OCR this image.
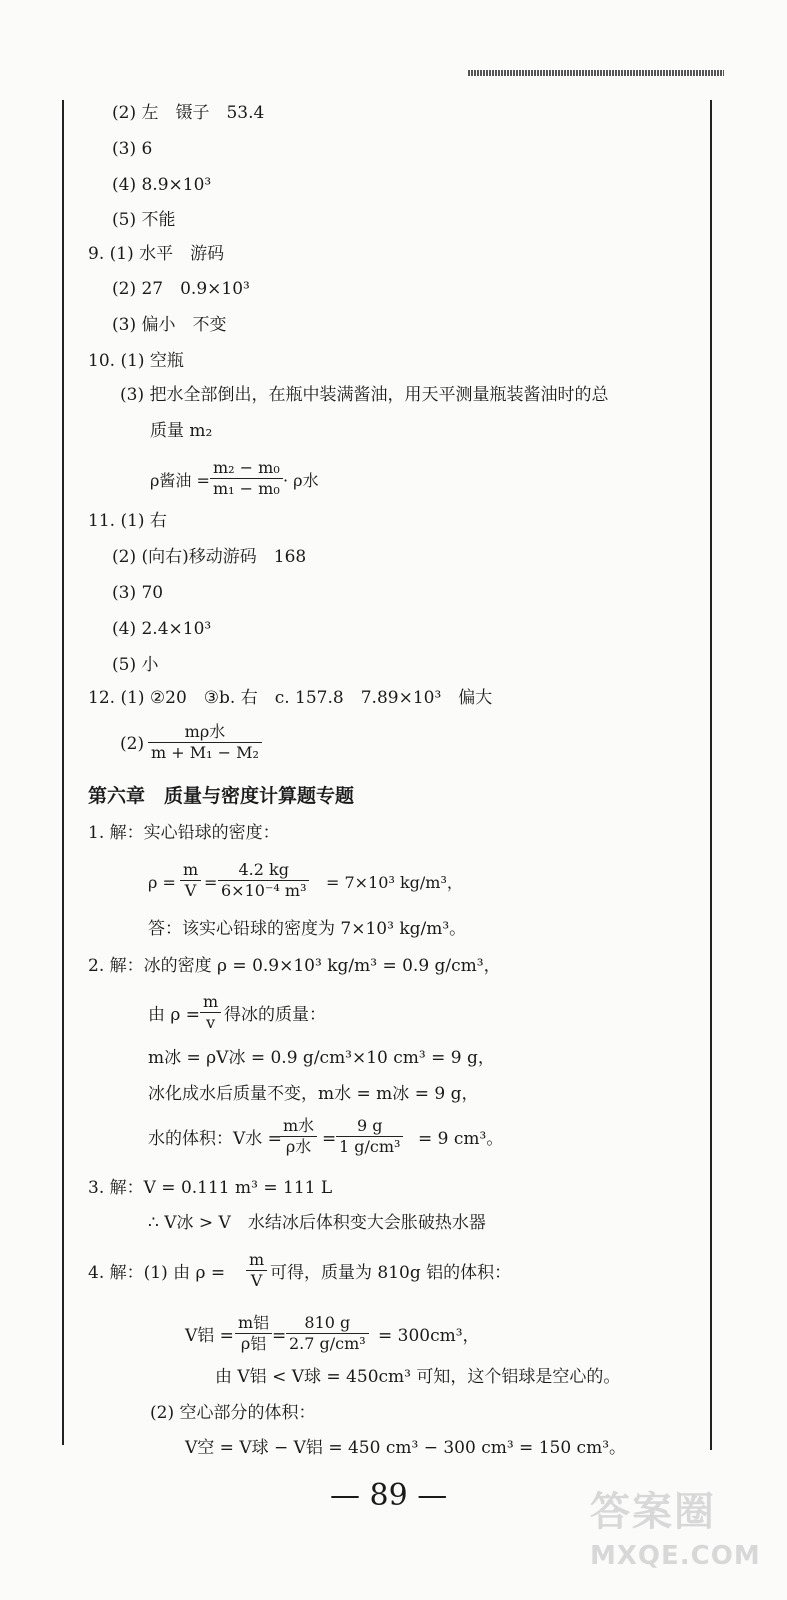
(2) 左　镊子　53.4
(3) 6
(4) 8.9×10³
(5) 不能
9. (1) 水平　游码
(2) 27　0.9×10³
(3) 偏小　不变
10. (1) 空瓶
(3) 把水全部倒出，在瓶中装满酱油，用天平测量瓶装酱油时的总
质量 m₂
ρ酱油 = $\frac{\text{m₂ − m₀}}{\text{m₁ − m₀}} \cdot \rho$水
11. (1) 右
(2) (向右)移动游码　168
(3) 70
(4) 2.4×10³
(5) 小
12. (1) ②20　③b. 右　c. 157.8　7.89×10³　偏大
(2)
mρ水
m + M₁ − M₂
第六章　质量与密度计算题专题
1. 解：实心铅球的密度：
$\rho = \frac{m}{V} = \frac{4.2 kg}{\text{6×10⁻⁴ m³}} = 7\times 10^3$ kg/m³，
答：该实心铅球的密度为 7×10³ kg/m³。
2. 解：冰的密度 ρ = 0.9×10³ kg/m³ = 0.9 g/cm³，
由 $\rho = \frac{m}{v}$ 得冰的质量：
m冰 = ρV冰 = 0.9 g/cm³×10 cm³ = 9 g，
冰化成水后质量不变，m水 = m冰 = 9 g，
水的体积：V水 =
m水
ρ水 = $\frac{9 g}{\text{1 g/cm³}} = 9$ cm³。
3. 解：V = 0.111 m³ = 111 L
∴ V冰 > V　水结冰后体积变大会胀破热水器
4. 解：(1) 由 $\rho = \frac{m}{V}$ 可得，质量为 810g 铝的体积：
V铝 =
m铝
ρ铝 = $\frac{810 g}{\text{2.7 g/cm³}} = 300cm^3$，
由 V铝 < V球 = 450cm³ 可知，这个铝球是空心的。
(2) 空心部分的体积：
V空 = V球 − V铝 = 450 cm³ − 300 cm³ = 150 cm³。
— 89 —	答案圈
MXQE.COM
